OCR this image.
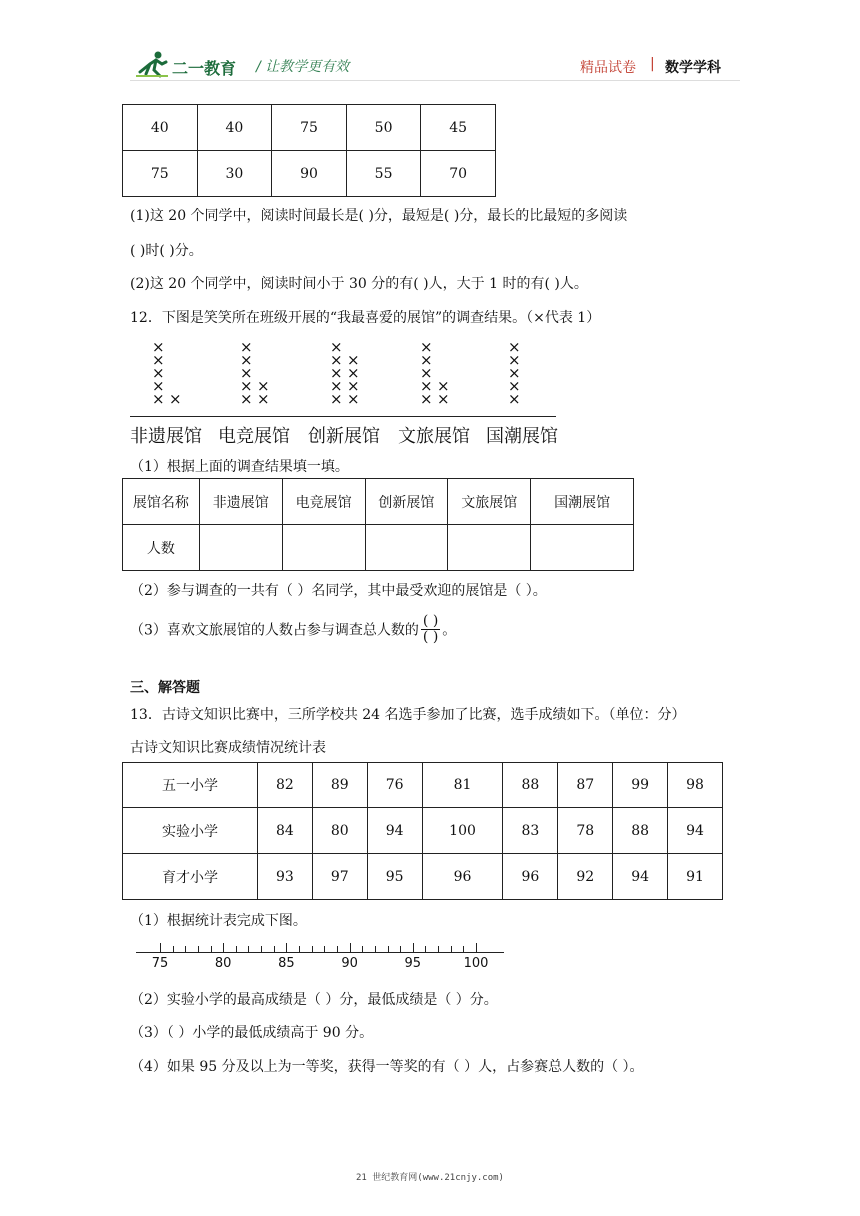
二一教育 / 让教学更有效	精品试卷 | 数学学科
40	40	75	50	45
75	30	90	55	70
(1)这 20 个同学中，阅读时间最长是( )分，最短是( )分，最长的比最短的多阅读
( )时( )分。
(2)这 20 个同学中，阅读时间小于 30 分的有( )人，大于 1 时的有( )人。
12．下图是笑笑所在班级开展的“我最喜爱的展馆”的调查结果。（×代表 1）
×
×
×
×
×
×
非遗展馆
×
×
×
×
×
×
×
电竞展馆
×
×
×
×
×
×
×
×
×
创新展馆
×
×
×
×
×
×
×
文旅展馆
×
×
×
×
×
国潮展馆
（1）根据上面的调查结果填一填。
展馆名称	非遗展馆	电竞展馆	创新展馆	文旅展馆	国潮展馆
人数					
（2）参与调查的一共有（ ）名同学，其中最受欢迎的展馆是（ ）。
（3）喜欢文旅展馆的人数占参与调查总人数的 $\frac{( )}{( )}$ 。
三、解答题
13．古诗文知识比赛中，三所学校共 24 名选手参加了比赛，选手成绩如下。（单位：分）
古诗文知识比赛成绩情况统计表
五一小学	82	89	76	81	88	87	99	98
实验小学	84	80	94	100	83	78	88	94
育才小学	93	97	95	96	96	92	94	91
（1）根据统计表完成下图。
75	80	85	90	95	100
（2）实验小学的最高成绩是（ ）分，最低成绩是（ ）分。
（3）（ ）小学的最低成绩高于 90 分。
（4）如果 95 分及以上为一等奖，获得一等奖的有（ ）人，占参赛总人数的（ ）。
21 世纪教育网(www.21cnjy.com)
